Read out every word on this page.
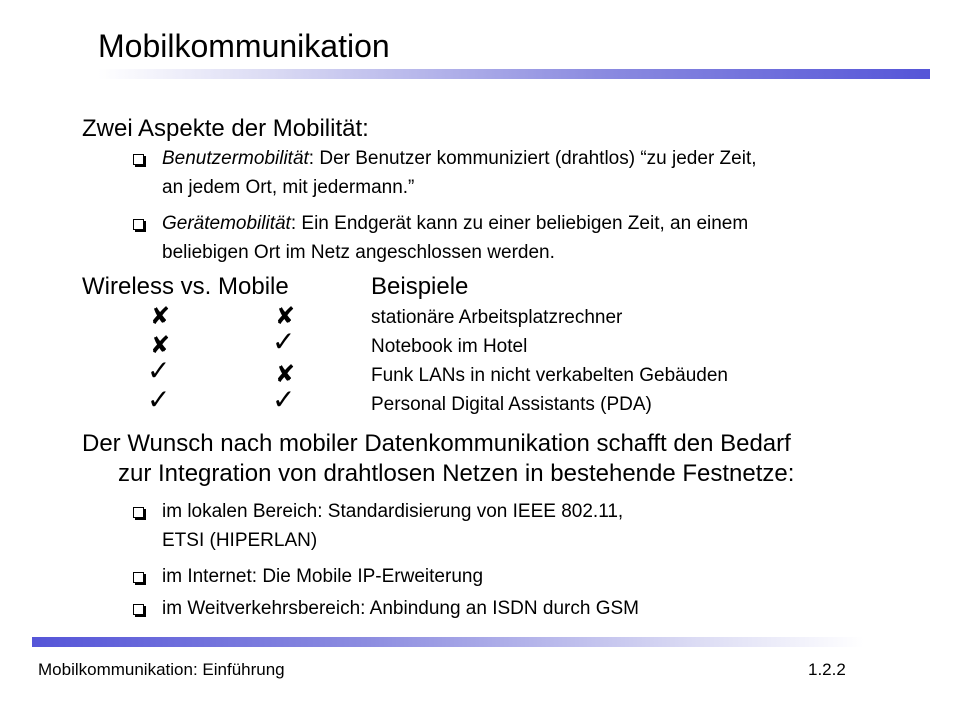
Mobilkommunikation
Zwei Aspekte der Mobilität:
Benutzermobilität: Der Benutzer kommuniziert (drahtlos) “zu jeder Zeit,
an jedem Ort, mit jedermann.”
Gerätemobilität: Ein Endgerät kann zu einer beliebigen Zeit, an einem
beliebigen Ort im Netz angeschlossen werden.
Wireless vs. Mobile	Beispiele
✘	✘	stationäre Arbeitsplatzrechner
✘	✓	Notebook im Hotel
✓	✘	Funk LANs in nicht verkabelten Gebäuden
✓	✓	Personal Digital Assistants (PDA)
Der Wunsch nach mobiler Datenkommunikation schafft den Bedarf
zur Integration von drahtlosen Netzen in bestehende Festnetze:
im lokalen Bereich: Standardisierung von IEEE 802.11,
ETSI (HIPERLAN)
im Internet: Die Mobile IP-Erweiterung
im Weitverkehrsbereich: Anbindung an ISDN durch GSM
Mobilkommunikation: Einführung	1.2.2
